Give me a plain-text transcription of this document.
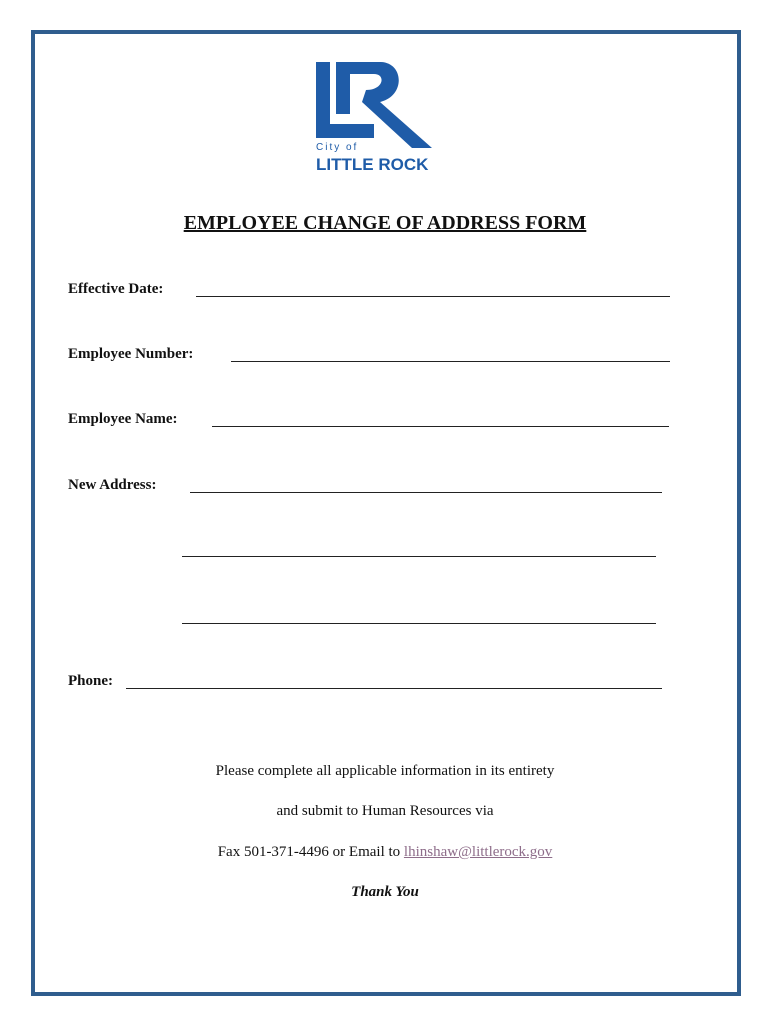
City of
LITTLE ROCK
EMPLOYEE CHANGE OF ADDRESS FORM
Effective Date:
Employee Number:
Employee Name:
New Address:
Phone:
Please complete all applicable information in its entirety
and submit to Human Resources via
Fax 501-371-4496 or Email to lhinshaw@littlerock.gov
Thank You
